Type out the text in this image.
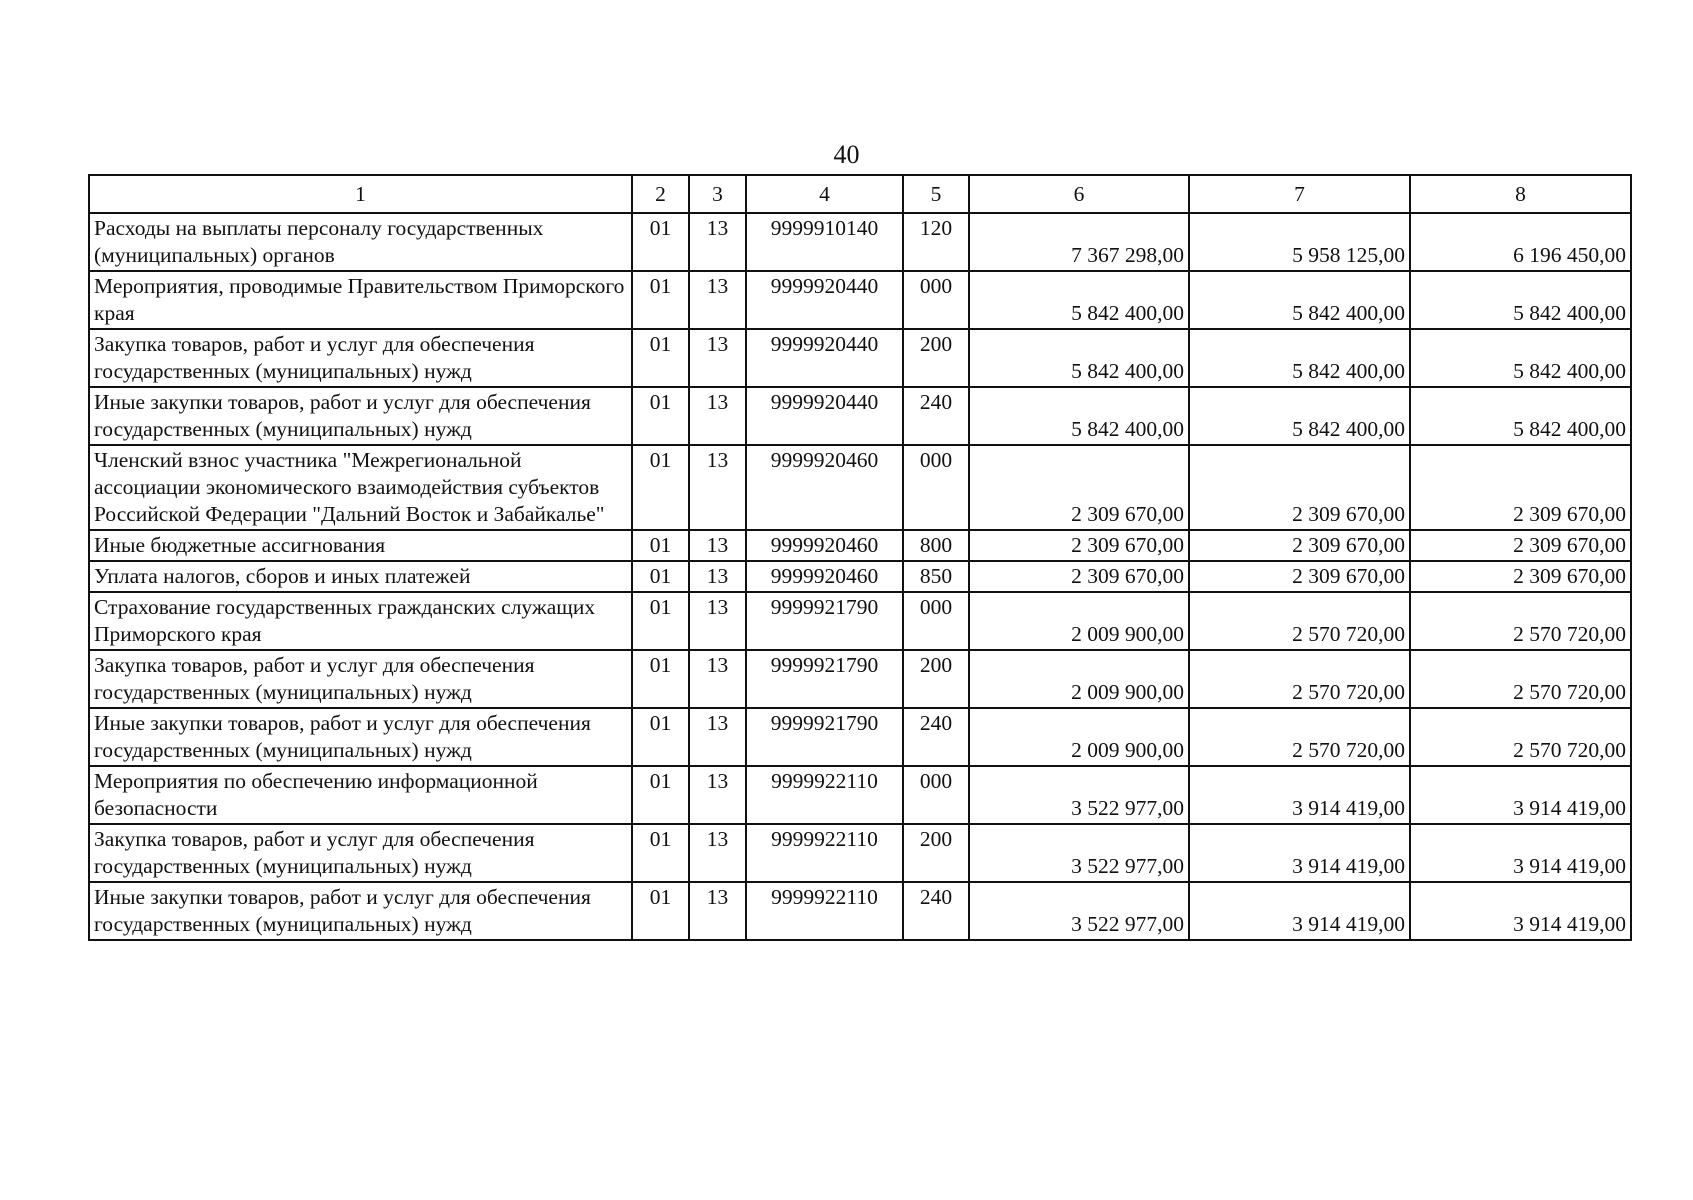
40
1	2	3	4	5	6	7	8
Расходы на выплаты персоналу государственных (муниципальных) органов	01	13	9999910140	120	7 367 298,00	5 958 125,00	6 196 450,00
Мероприятия, проводимые Правительством Приморского края	01	13	9999920440	000	5 842 400,00	5 842 400,00	5 842 400,00
Закупка товаров, работ и услуг для обеспечения государственных (муниципальных) нужд	01	13	9999920440	200	5 842 400,00	5 842 400,00	5 842 400,00
Иные закупки товаров, работ и услуг для обеспечения государственных (муниципальных) нужд	01	13	9999920440	240	5 842 400,00	5 842 400,00	5 842 400,00
Членский взнос участника "Межрегиональной ассоциации экономического взаимодействия субъектов Российской Федерации "Дальний Восток и Забайкалье"	01	13	9999920460	000	2 309 670,00	2 309 670,00	2 309 670,00
Иные бюджетные ассигнования	01	13	9999920460	800	2 309 670,00	2 309 670,00	2 309 670,00
Уплата налогов, сборов и иных платежей	01	13	9999920460	850	2 309 670,00	2 309 670,00	2 309 670,00
Страхование государственных гражданских служащих Приморского края	01	13	9999921790	000	2 009 900,00	2 570 720,00	2 570 720,00
Закупка товаров, работ и услуг для обеспечения государственных (муниципальных) нужд	01	13	9999921790	200	2 009 900,00	2 570 720,00	2 570 720,00
Иные закупки товаров, работ и услуг для обеспечения государственных (муниципальных) нужд	01	13	9999921790	240	2 009 900,00	2 570 720,00	2 570 720,00
Мероприятия по обеспечению информационной безопасности	01	13	9999922110	000	3 522 977,00	3 914 419,00	3 914 419,00
Закупка товаров, работ и услуг для обеспечения государственных (муниципальных) нужд	01	13	9999922110	200	3 522 977,00	3 914 419,00	3 914 419,00
Иные закупки товаров, работ и услуг для обеспечения государственных (муниципальных) нужд	01	13	9999922110	240	3 522 977,00	3 914 419,00	3 914 419,00
